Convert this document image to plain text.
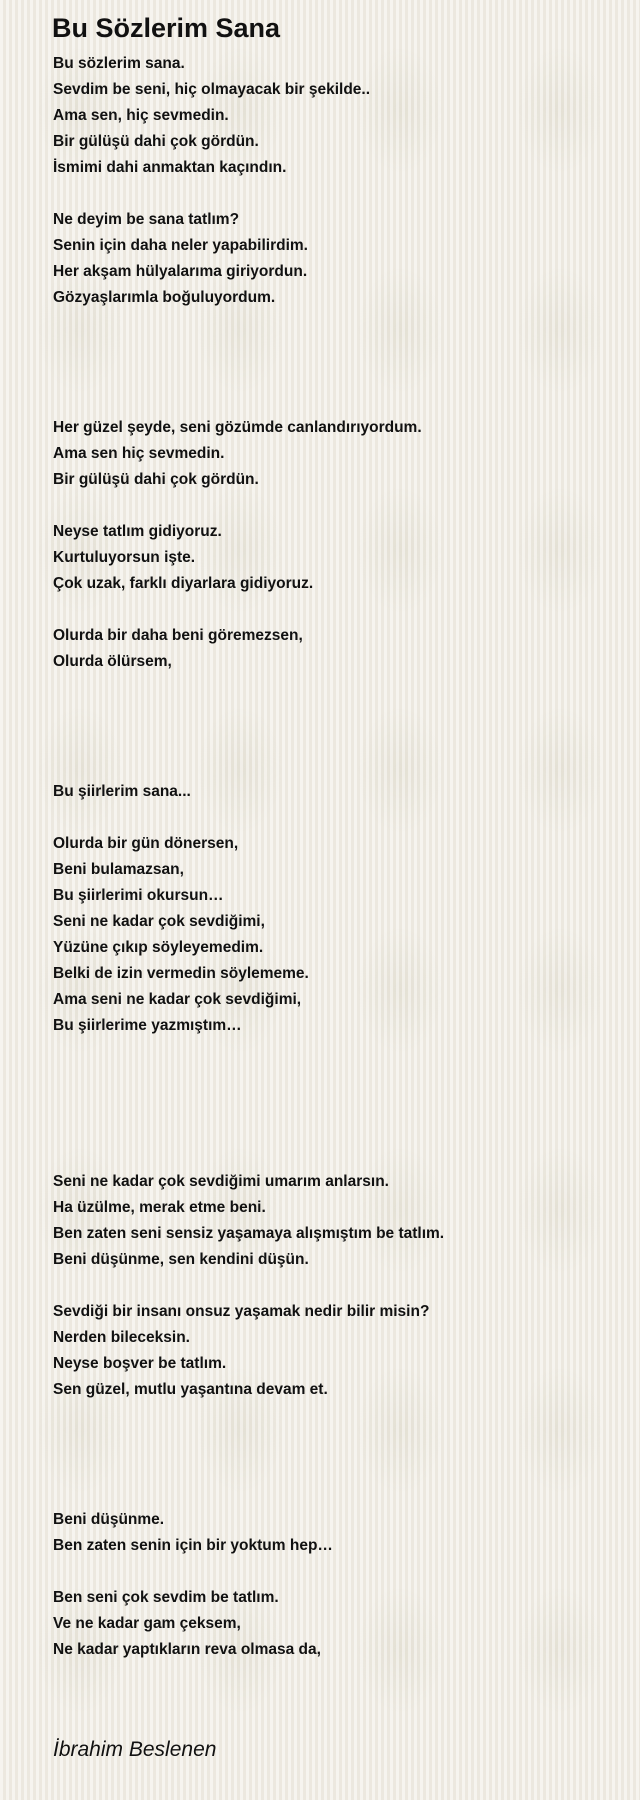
Bu Sözlerim Sana
Bu sözlerim sana.
Sevdim be seni, hiç olmayacak bir şekilde..
Ama sen, hiç sevmedin.
Bir gülüşü dahi çok gördün.
İsmimi dahi anmaktan kaçındın.
Ne deyim be sana tatlım?
Senin için daha neler yapabilirdim.
Her akşam hülyalarıma giriyordun.
Gözyaşlarımla boğuluyordum.
Her güzel şeyde, seni gözümde canlandırıyordum.
Ama sen hiç sevmedin.
Bir gülüşü dahi çok gördün.
Neyse tatlım gidiyoruz.
Kurtuluyorsun işte.
Çok uzak, farklı diyarlara gidiyoruz.
Olurda bir daha beni göremezsen,
Olurda ölürsem,
Bu şiirlerim sana...
Olurda bir gün dönersen,
Beni bulamazsan,
Bu şiirlerimi okursun…
Seni ne kadar çok sevdiğimi,
Yüzüne çıkıp söyleyemedim.
Belki de izin vermedin söylememe.
Ama seni ne kadar çok sevdiğimi,
Bu şiirlerime yazmıştım…
Seni ne kadar çok sevdiğimi umarım anlarsın.
Ha üzülme, merak etme beni.
Ben zaten seni sensiz yaşamaya alışmıştım be tatlım.
Beni düşünme, sen kendini düşün.
Sevdiği bir insanı onsuz yaşamak nedir bilir misin?
Nerden bileceksin.
Neyse boşver be tatlım.
Sen güzel, mutlu yaşantına devam et.
Beni düşünme.
Ben zaten senin için bir yoktum hep…
Ben seni çok sevdim be tatlım.
Ve ne kadar gam çeksem,
Ne kadar yaptıkların reva olmasa da,
İbrahim Beslenen
